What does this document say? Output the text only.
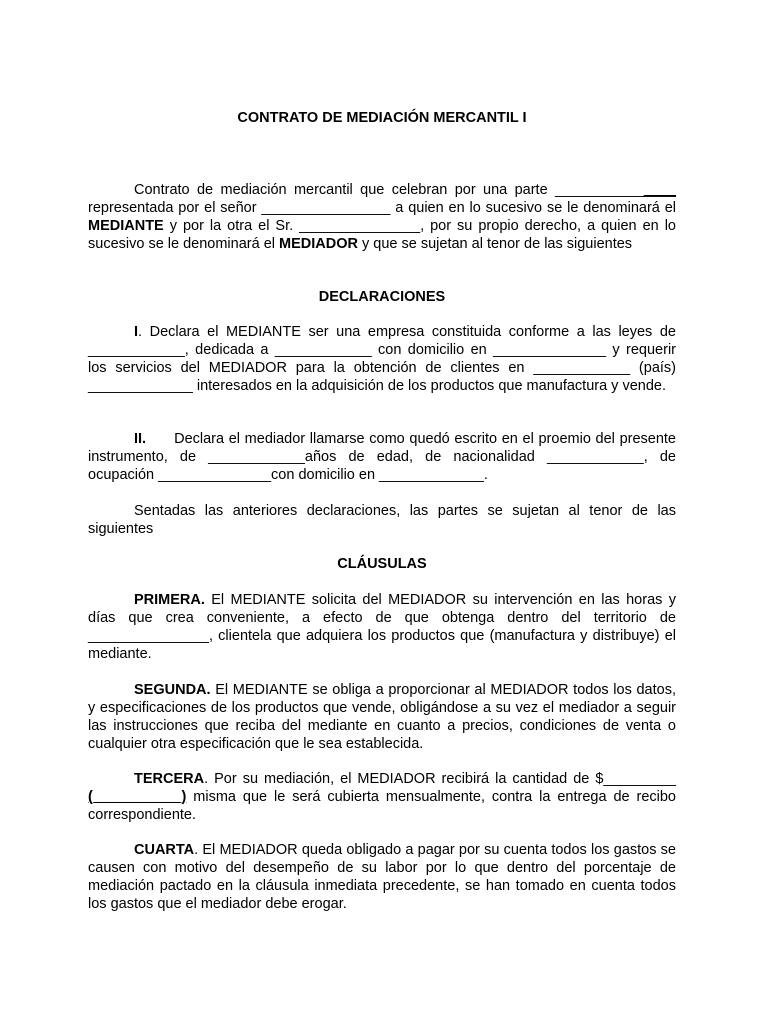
CONTRATO DE MEDIACIÓN MERCANTIL I
Contrato de mediación mercantil que celebran por una parte _______________ representada por el señor ________________ a quien en lo sucesivo se le denominará el MEDIANTE y por la otra el Sr. _______________, por su propio derecho, a quien en lo sucesivo se le denominará el MEDIADOR y que se sujetan al tenor de las siguientes
DECLARACIONES
I. Declara el MEDIANTE ser una empresa constituida conforme a las leyes de ____________, dedicada a ____________ con domicilio en ______________ y requerir los servicios del MEDIADOR para la obtención de clientes en ____________ (país) _____________ interesados en la adquisición de los productos que manufactura y vende.
II.      Declara el mediador llamarse como quedó escrito en el proemio del presente instrumento, de ____________años de edad, de nacionalidad ____________, de ocupación ______________con domicilio en _____________.
Sentadas las anteriores declaraciones, las partes se sujetan al tenor de las siguientes
CLÁUSULAS
PRIMERA. El MEDIANTE solicita del MEDIADOR su intervención en las horas y días que crea conveniente, a efecto de que obtenga dentro del territorio de _______________, clientela que adquiera los productos que (manufactura y distribuye) el mediante.
SEGUNDA. El MEDIANTE se obliga a proporcionar al MEDIADOR todos los datos, y especificaciones de los productos que vende, obligándose a su vez el mediador a seguir las instrucciones que reciba del mediante en cuanto a precios, condiciones de venta o cualquier otra especificación que le sea establecida.
TERCERA. Por su mediación, el MEDIADOR recibirá la cantidad de $_________ (___________) misma que le será cubierta mensualmente, contra la entrega de recibo correspondiente.
CUARTA. El MEDIADOR queda obligado a pagar por su cuenta todos los gastos se causen con motivo del desempeño de su labor por lo que dentro del porcentaje de mediación pactado en la cláusula inmediata precedente, se han tomado en cuenta todos los gastos que el mediador debe erogar.
